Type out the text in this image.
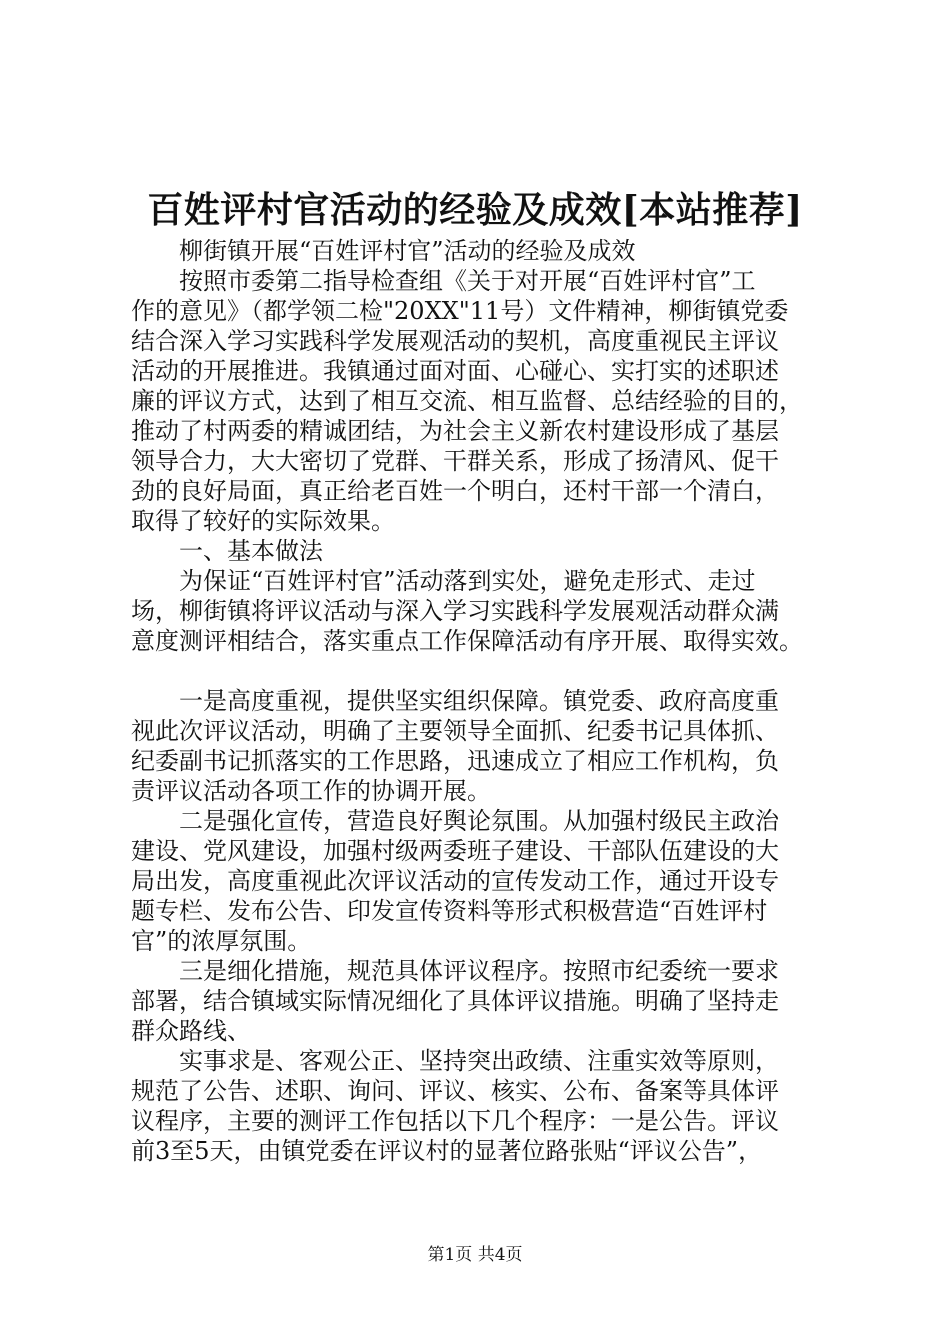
百姓评村官活动的经验及成效[本站推荐]
柳街镇开展“百姓评村官”活动的经验及成效
按照市委第二指导检查组《关于对开展“百姓评村官”工
作的意见》（都学领二检"20XX"11号）文件精神，柳街镇党委
结合深入学习实践科学发展观活动的契机，高度重视民主评议
活动的开展推进。我镇通过面对面、心碰心、实打实的述职述
廉的评议方式，达到了相互交流、相互监督、总结经验的目的，
推动了村两委的精诚团结，为社会主义新农村建设形成了基层
领导合力，大大密切了党群、干群关系，形成了扬清风、促干
劲的良好局面，真正给老百姓一个明白，还村干部一个清白，
取得了较好的实际效果。
一、基本做法
为保证“百姓评村官”活动落到实处，避免走形式、走过
场，柳街镇将评议活动与深入学习实践科学发展观活动群众满
意度测评相结合，落实重点工作保障活动有序开展、取得实效。
一是高度重视，提供坚实组织保障。镇党委、政府高度重
视此次评议活动，明确了主要领导全面抓、纪委书记具体抓、
纪委副书记抓落实的工作思路，迅速成立了相应工作机构，负
责评议活动各项工作的协调开展。
二是强化宣传，营造良好舆论氛围。从加强村级民主政治
建设、党风建设，加强村级两委班子建设、干部队伍建设的大
局出发，高度重视此次评议活动的宣传发动工作，通过开设专
题专栏、发布公告、印发宣传资料等形式积极营造“百姓评村
官”的浓厚氛围。
三是细化措施，规范具体评议程序。按照市纪委统一要求
部署，结合镇域实际情况细化了具体评议措施。明确了坚持走
群众路线、
实事求是、客观公正、坚持突出政绩、注重实效等原则，
规范了公告、述职、询问、评议、核实、公布、备案等具体评
议程序，主要的测评工作包括以下几个程序：一是公告。评议
前3至5天，由镇党委在评议村的显著位路张贴“评议公告”，
第1页 共4页
